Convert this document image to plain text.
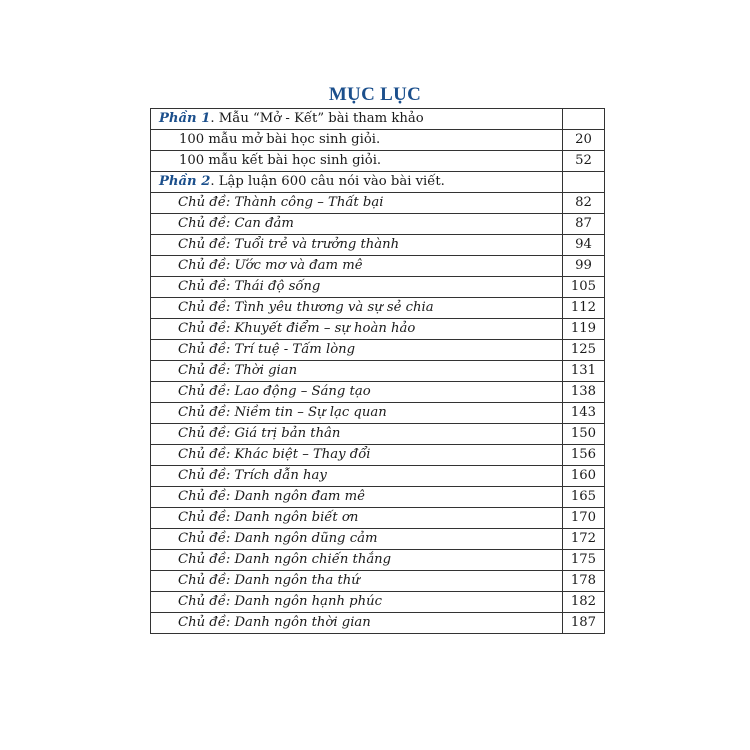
MỤC LỤC
Phần 1. Mẫu “Mở - Kết” bài tham khảo	
100 mẫu mở bài học sinh giỏi.	20
100 mẫu kết bài học sinh giỏi.	52
Phần 2. Lập luận 600 câu nói vào bài viết.	
Chủ đề: Thành công – Thất bại	82
Chủ đề: Can đảm	87
Chủ đề: Tuổi trẻ và trưởng thành	94
Chủ đề: Ước mơ và đam mê	99
Chủ đề: Thái độ sống	105
Chủ đề: Tình yêu thương và sự sẻ chia	112
Chủ đề: Khuyết điểm – sự hoàn hảo	119
Chủ đề: Trí tuệ - Tấm lòng	125
Chủ đề: Thời gian	131
Chủ đề: Lao động – Sáng tạo	138
Chủ đề: Niềm tin – Sự lạc quan	143
Chủ đề: Giá trị bản thân	150
Chủ đề: Khác biệt – Thay đổi	156
Chủ đề: Trích dẫn hay	160
Chủ đề: Danh ngôn đam mê	165
Chủ đề: Danh ngôn biết ơn	170
Chủ đề: Danh ngôn dũng cảm	172
Chủ đề: Danh ngôn chiến thắng	175
Chủ đề: Danh ngôn tha thứ	178
Chủ đề: Danh ngôn hạnh phúc	182
Chủ đề: Danh ngôn thời gian	187
